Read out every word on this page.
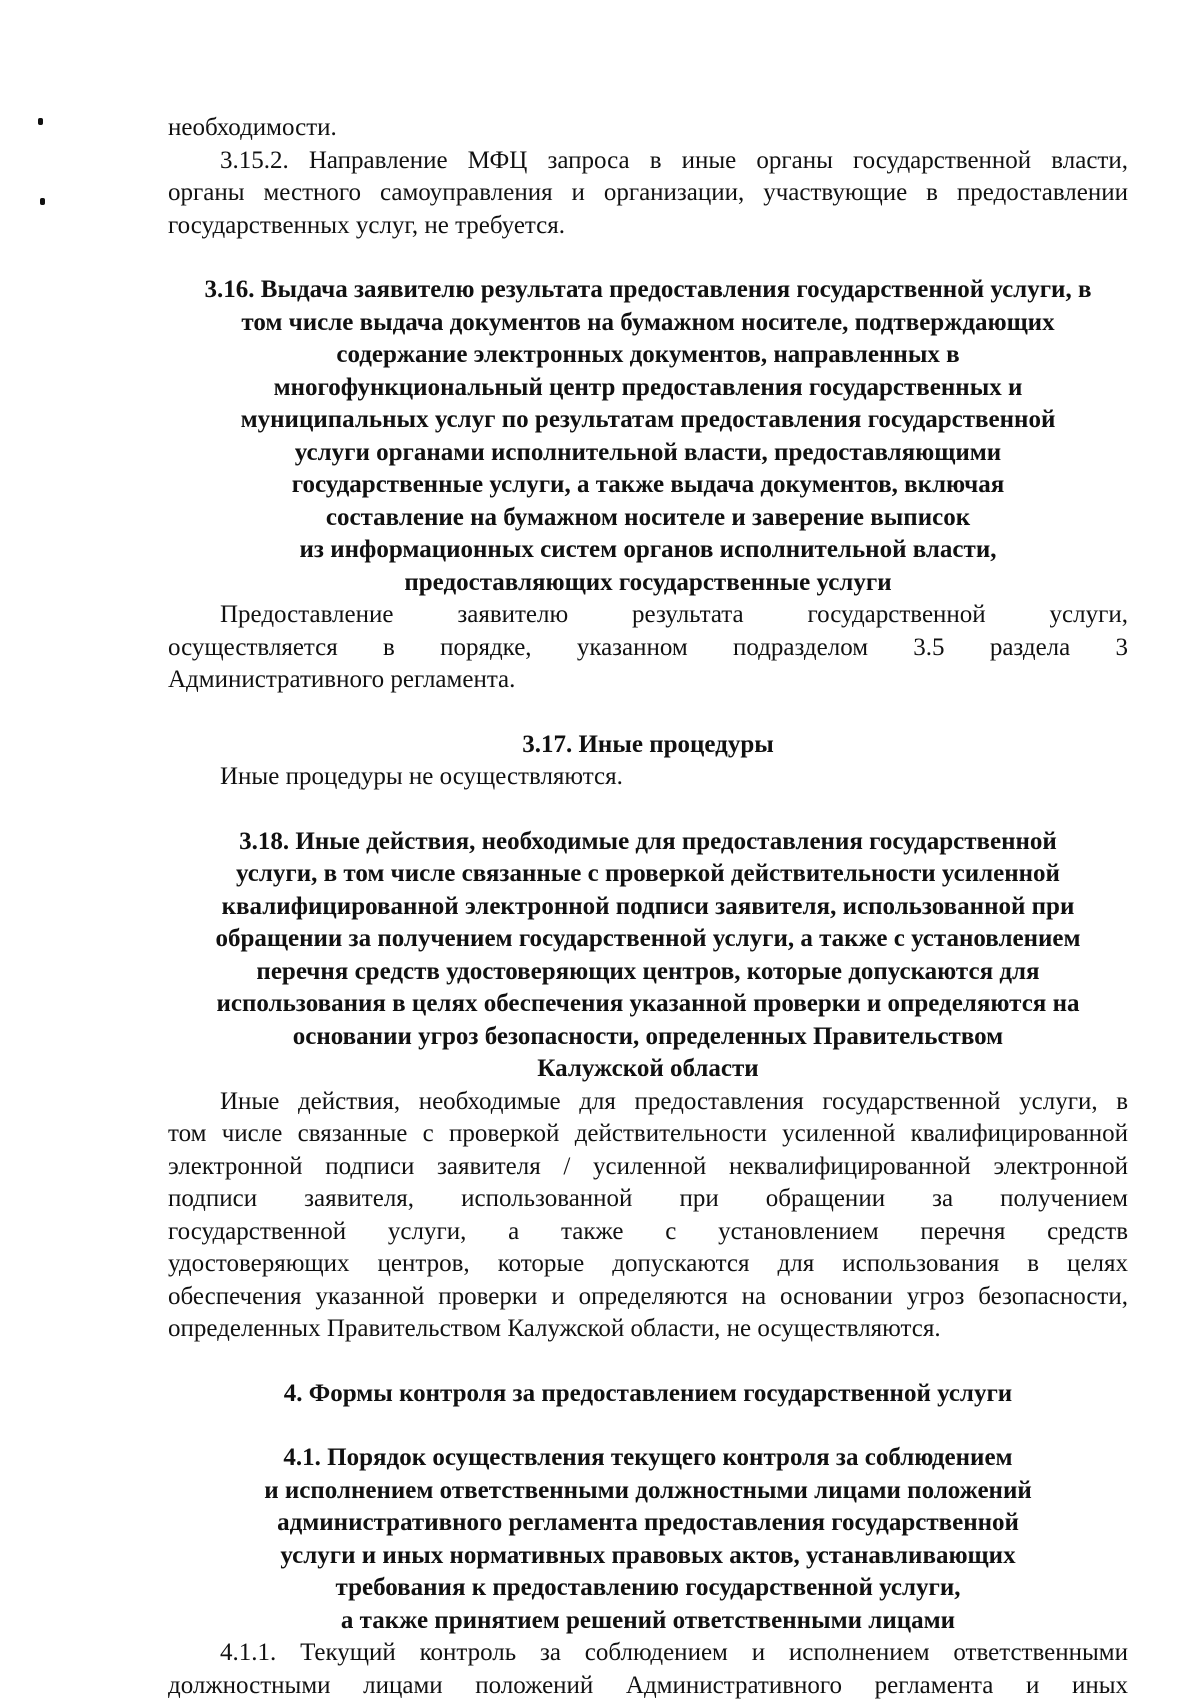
необходимости.

3.15.2. Направление МФЦ запроса в иные органы государственной власти,

органы местного самоуправления и организации, участвующие в предоставлении

государственных услуг, не требуется.

3.16. Выдача заявителю результата предоставления государственной услуги, в

том числе выдача документов на бумажном носителе, подтверждающих

содержание электронных документов, направленных в

многофункциональный центр предоставления государственных и

муниципальных услуг по результатам предоставления государственной

услуги органами исполнительной власти, предоставляющими

государственные услуги, а также выдача документов, включая

составление на бумажном носителе и заверение выписок

из информационных систем органов исполнительной власти,

предоставляющих государственные услуги

Предоставление заявителю результата государственной услуги,

осуществляется в порядке, указанном подразделом 3.5 раздела 3

Административного регламента.

3.17. Иные процедуры

Иные процедуры не осуществляются.

3.18. Иные действия, необходимые для предоставления государственной

услуги, в том числе связанные с проверкой действительности усиленной

квалифицированной электронной подписи заявителя, использованной при

обращении за получением государственной услуги, а также с установлением

перечня средств удостоверяющих центров, которые допускаются для

использования в целях обеспечения указанной проверки и определяются на

основании угроз безопасности, определенных Правительством

Калужской области

Иные действия, необходимые для предоставления государственной услуги, в

том числе связанные с проверкой действительности усиленной квалифицированной

электронной подписи заявителя / усиленной неквалифицированной электронной

подписи заявителя, использованной при обращении за получением

государственной услуги, а также с установлением перечня средств

удостоверяющих центров, которые допускаются для использования в целях

обеспечения указанной проверки и определяются на основании угроз безопасности,

определенных Правительством Калужской области, не осуществляются.

4. Формы контроля за предоставлением государственной услуги

4.1. Порядок осуществления текущего контроля за соблюдением

и исполнением ответственными должностными лицами положений

административного регламента предоставления государственной

услуги и иных нормативных правовых актов, устанавливающих

требования к предоставлению государственной услуги,

а также принятием решений ответственными лицами

4.1.1. Текущий контроль за соблюдением и исполнением ответственными

должностными лицами положений Административного регламента и иных
